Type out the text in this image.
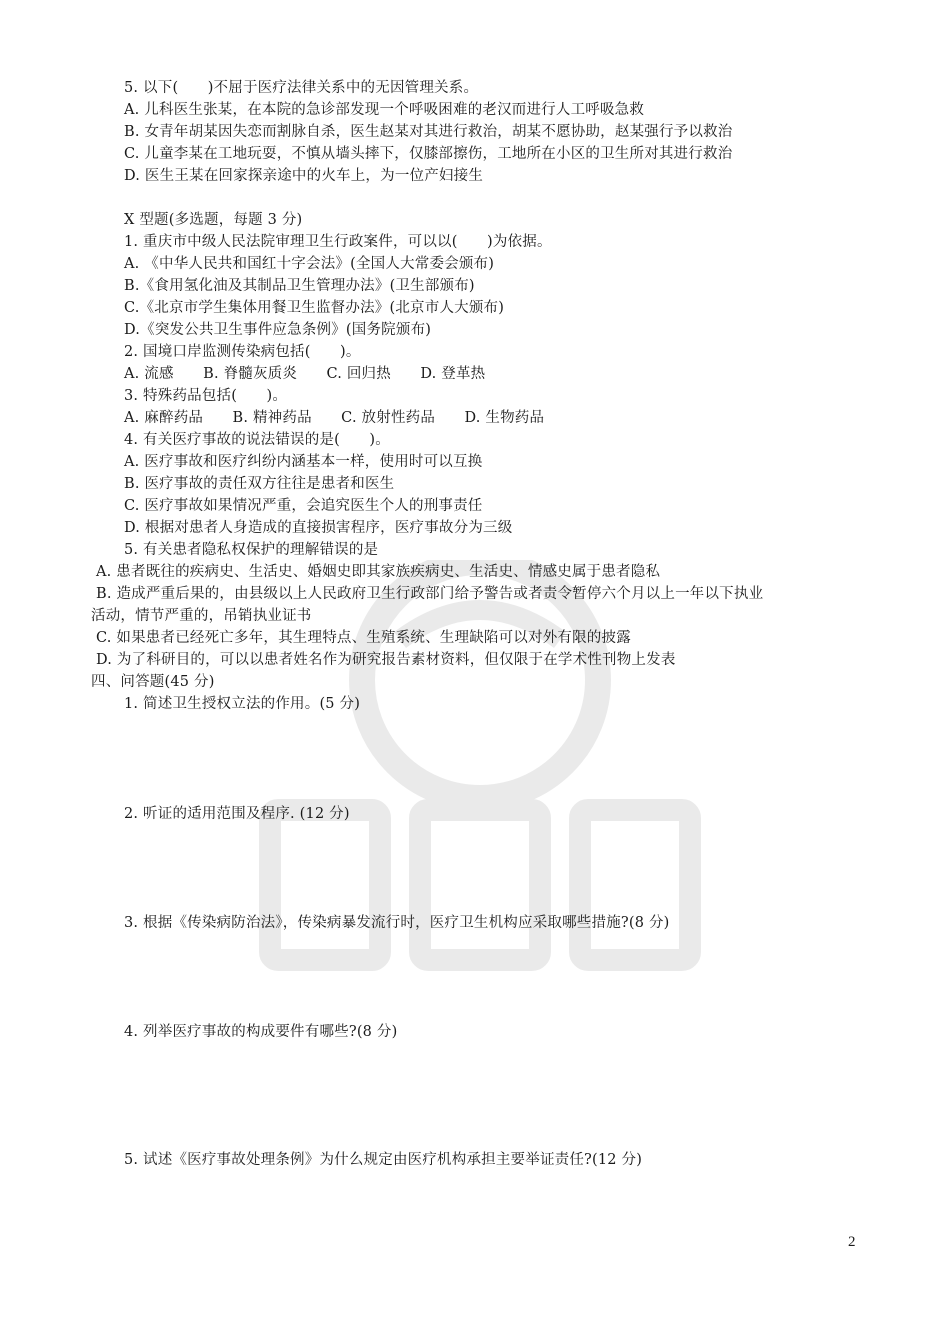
5. 以下(　　)不屈于医疗法律关系中的无因管理关系。
A. 儿科医生张某，在本院的急诊部发现一个呼吸困难的老汉而进行人工呼吸急救
B. 女青年胡某因失恋而割脉自杀，医生赵某对其进行救治，胡某不愿协助，赵某强行予以救治
C. 儿童李某在工地玩耍，不慎从墙头摔下，仅膝部擦伤，工地所在小区的卫生所对其进行救治
D. 医生王某在回家探亲途中的火车上，为一位产妇接生
X 型题(多选题，每题 3 分)
1. 重庆市中级人民法院审理卫生行政案件，可以以(　　)为依据。
A. 《中华人民共和国红十字会法》(全国人大常委会颁布)
B.《食用氢化油及其制品卫生管理办法》(卫生部颁布)
C.《北京市学生集体用餐卫生监督办法》(北京市人大颁布)
D.《突发公共卫生事件应急条例》(国务院颁布)
2. 国境口岸监测传染病包括(　　)。
A. 流感　　B. 脊髓灰质炎　　C. 回归热　　D. 登革热
3. 特殊药品包括(　　)。
A. 麻醉药品　　B. 精神药品　　C. 放射性药品　　D. 生物药品
4. 有关医疗事故的说法错误的是(　　)。
A. 医疗事故和医疗纠纷内涵基本一样，使用时可以互换
B. 医疗事故的责任双方往往是患者和医生
C. 医疗事故如果情况严重，会追究医生个人的刑事责任
D. 根据对患者人身造成的直接损害程序，医疗事故分为三级
5. 有关患者隐私权保护的理解错误的是
A. 患者既往的疾病史、生活史、婚姻史即其家族疾病史、生活史、情感史属于患者隐私
B. 造成严重后果的，由县级以上人民政府卫生行政部门给予警告或者责令暂停六个月以上一年以下执业
活动，情节严重的，吊销执业证书
C. 如果患者已经死亡多年，其生理特点、生殖系统、生理缺陷可以对外有限的披露
D. 为了科研目的，可以以患者姓名作为研究报告素材资料，但仅限于在学术性刊物上发表
四、问答题(45 分)
1. 简述卫生授权立法的作用。(5 分)
2. 听证的适用范围及程序. (12 分)
3. 根据《传染病防治法》，传染病暴发流行时，医疗卫生机构应采取哪些措施?(8 分)
4. 列举医疗事故的构成要件有哪些?(8 分)
5. 试述《医疗事故处理条例》为什么规定由医疗机构承担主要举证责任?(12 分)
2
